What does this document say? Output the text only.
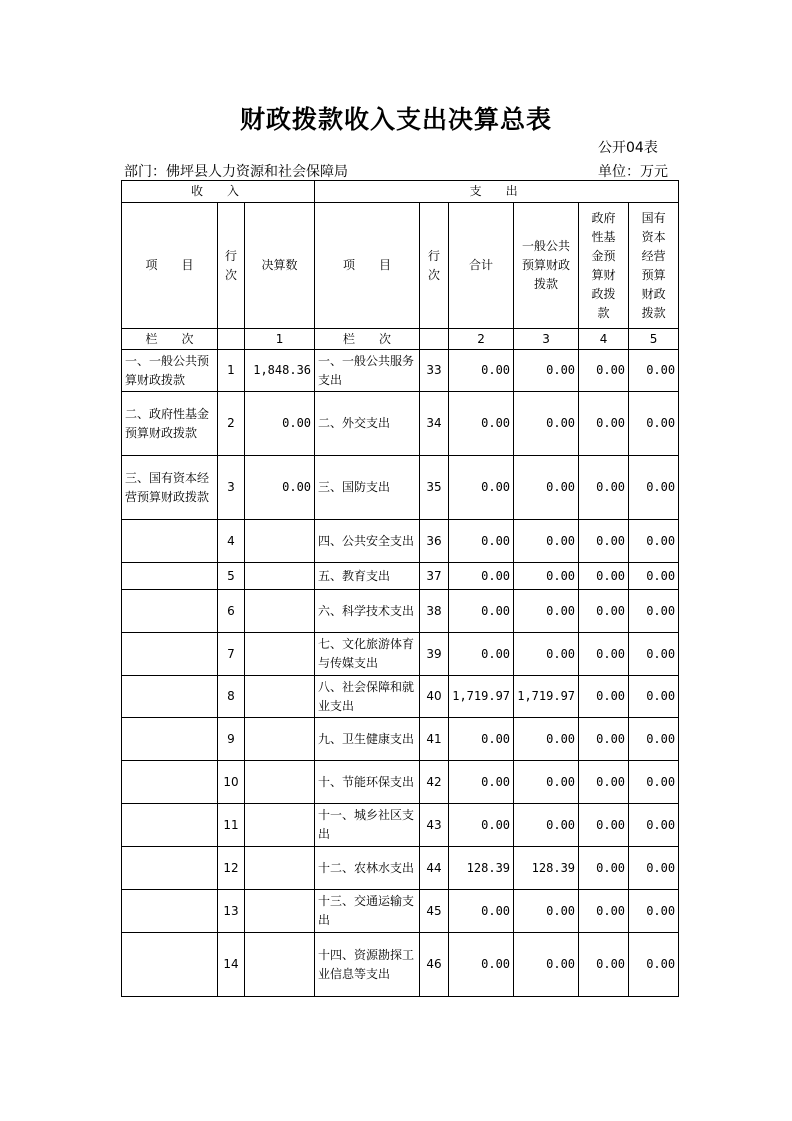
财政拨款收入支出决算总表
公开04表
部门：佛坪县人力资源和社会保障局	单位：万元
收　入			支　出					
项　　目	行次	决算数	项　　目	行次	合计	一般公共预算财政拨款	政府性基金预算财政拨款	国有资本经营预算财政拨款
栏　　次		1	栏　　次		2	3	4	5
一、一般公共预算财政拨款	1	1,848.36	一、一般公共服务支出	33	0.00	0.00	0.00	0.00
二、政府性基金预算财政拨款	2	0.00	二、外交支出	34	0.00	0.00	0.00	0.00
三、国有资本经营预算财政拨款	3	0.00	三、国防支出	35	0.00	0.00	0.00	0.00
	4		四、公共安全支出	36	0.00	0.00	0.00	0.00
	5		五、教育支出	37	0.00	0.00	0.00	0.00
	6		六、科学技术支出	38	0.00	0.00	0.00	0.00
	7		七、文化旅游体育与传媒支出	39	0.00	0.00	0.00	0.00
	8		八、社会保障和就业支出	40	1,719.97	1,719.97	0.00	0.00
	9		九、卫生健康支出	41	0.00	0.00	0.00	0.00
	10		十、节能环保支出	42	0.00	0.00	0.00	0.00
	11		十一、城乡社区支出	43	0.00	0.00	0.00	0.00
	12		十二、农林水支出	44	128.39	128.39	0.00	0.00
	13		十三、交通运输支出	45	0.00	0.00	0.00	0.00
	14		十四、资源勘探工业信息等支出	46	0.00	0.00	0.00	0.00
